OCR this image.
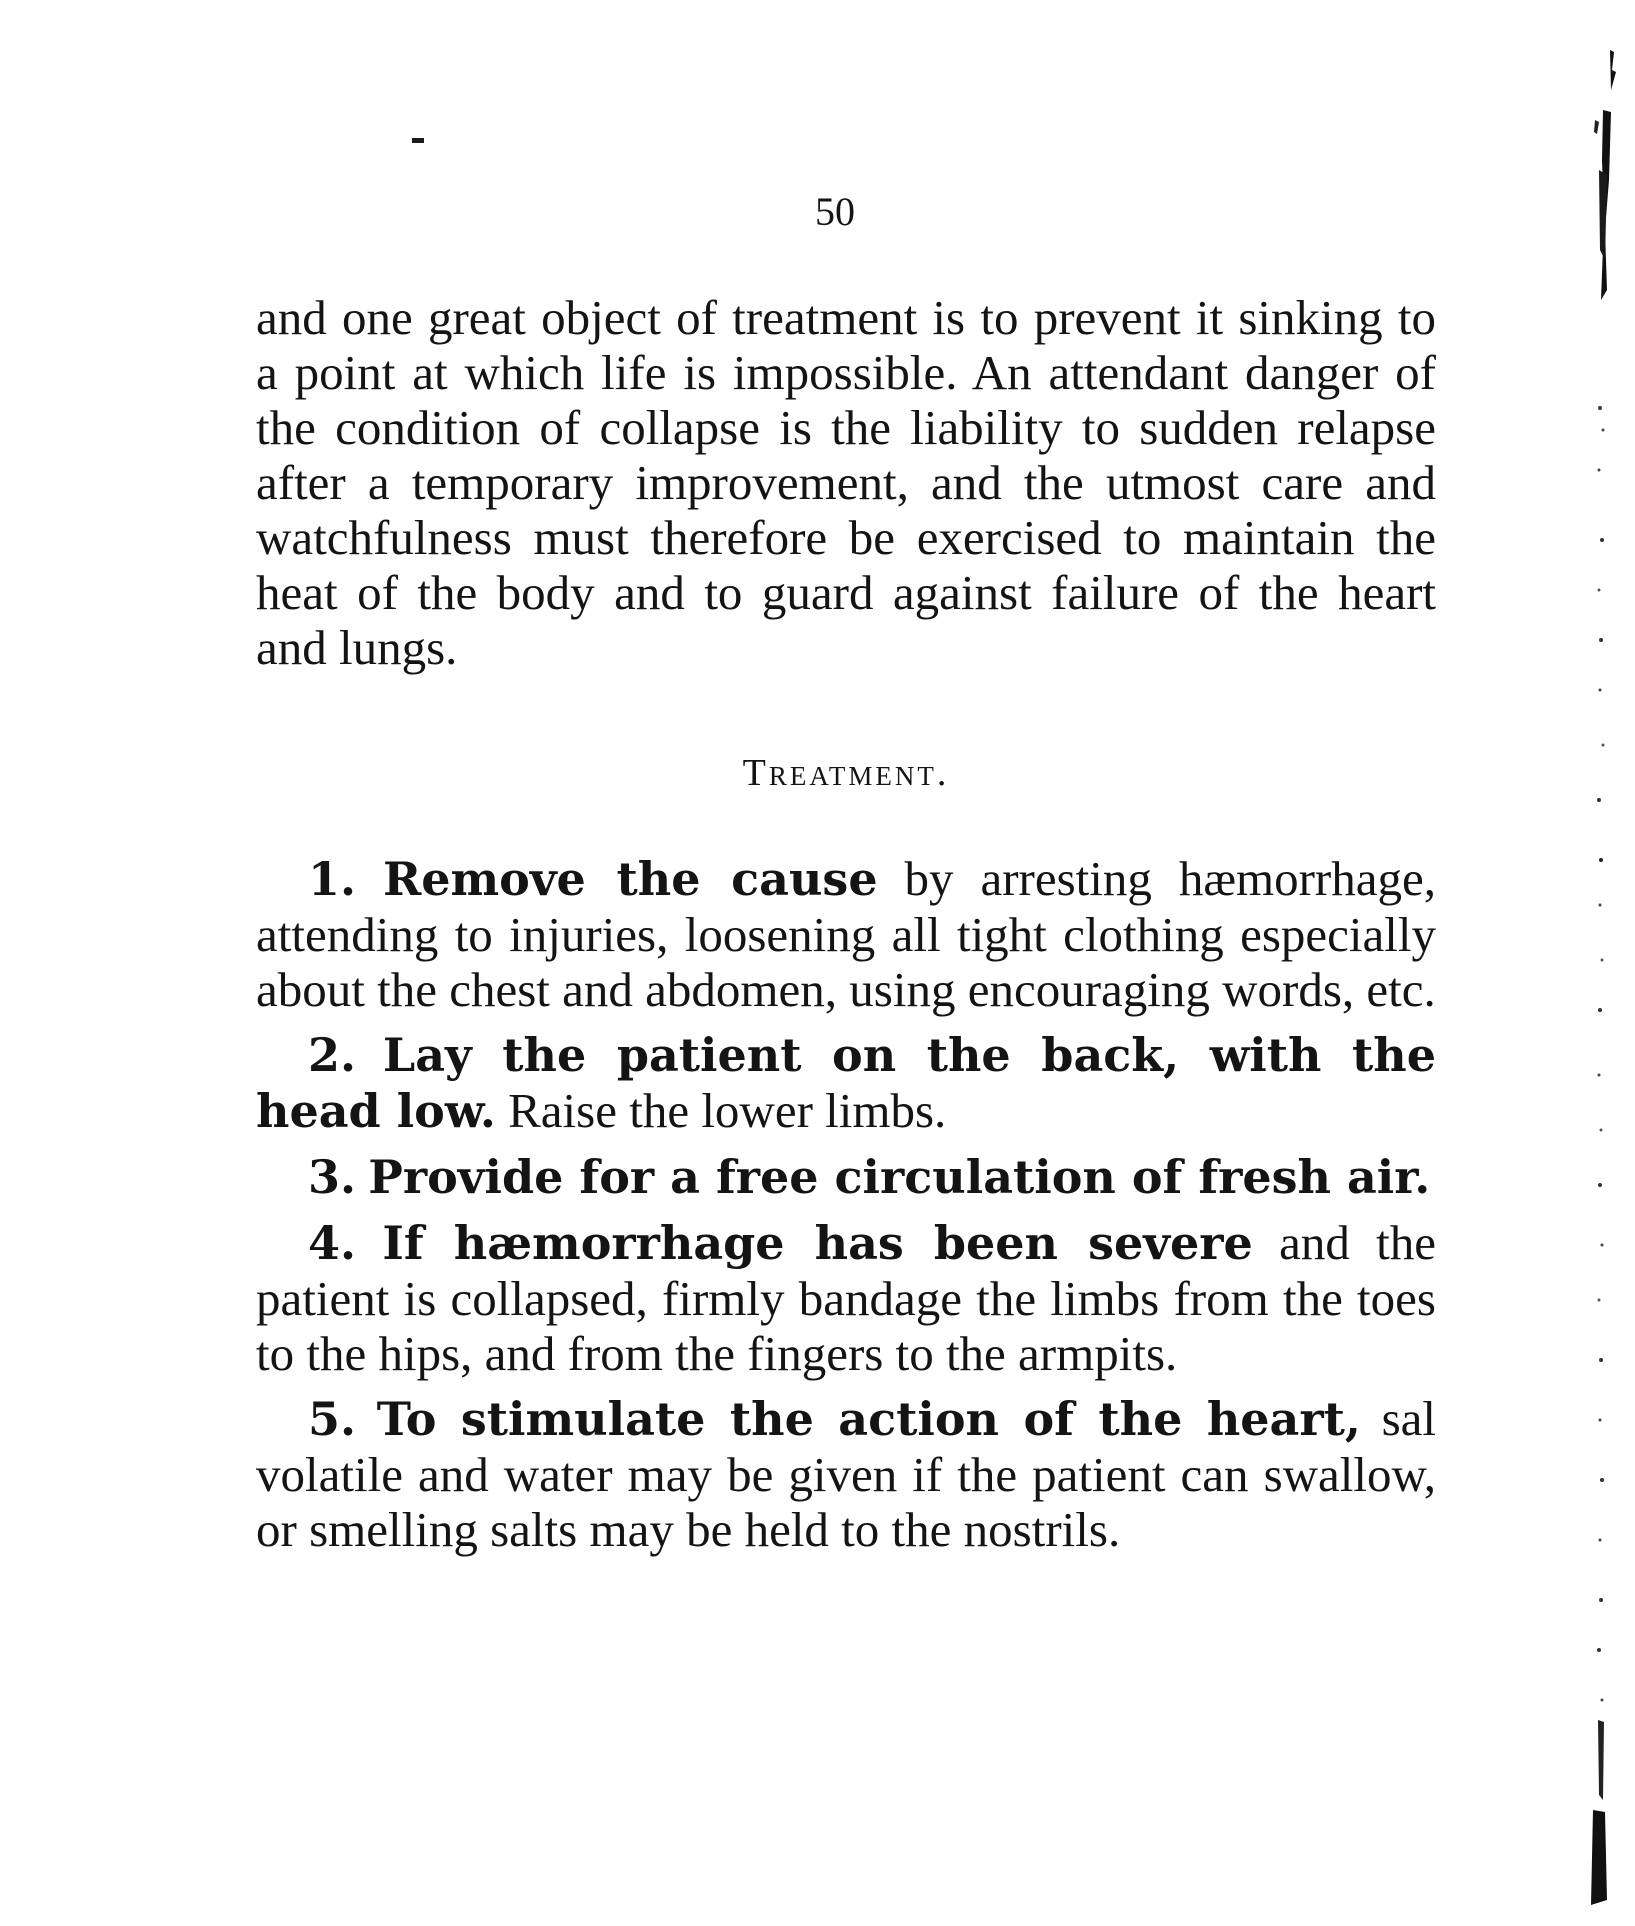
50

and one great object of treatment is to prevent it sinking to a point at which life is impossible. An attendant danger of the condition of collapse is the liability to sudden relapse after a temporary improvement, and the utmost care and watchfulness must therefore be exercised to maintain the heat of the body and to guard against failure of the heart and lungs.

Treatment.

1. Remove the cause by arresting hæmorrhage, attending to injuries, loosening all tight clothing especially about the chest and abdomen, using encouraging words, etc.

2. Lay the patient on the back, with the head low. Raise the lower limbs.

3. Provide for a free circulation of fresh air.

4. If hæmorrhage has been severe and the patient is collapsed, firmly bandage the limbs from the toes to the hips, and from the fingers to the armpits.

5. To stimulate the action of the heart, sal volatile and water may be given if the patient can swallow, or smelling salts may be held to the nostrils.
